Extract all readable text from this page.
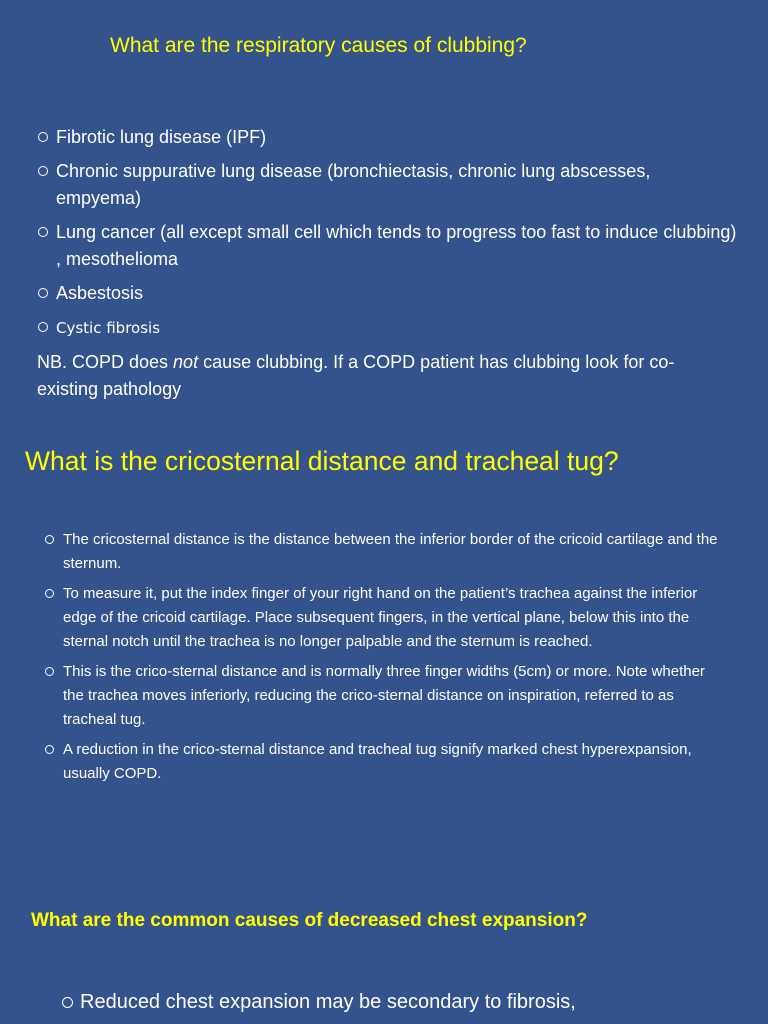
What are the respiratory causes of clubbing?
Fibrotic lung disease (IPF)
Chronic suppurative lung disease (bronchiectasis, chronic lung abscesses, empyema)
Lung cancer (all except small cell which tends to progress too fast to induce clubbing) , mesothelioma
Asbestosis
Cystic fibrosis

NB. COPD does not cause clubbing. If a COPD patient has clubbing look for co-existing pathology

What is the cricosternal distance and tracheal tug?
The cricosternal distance is the distance between the inferior border of the cricoid cartilage and the sternum.
To measure it, put the index finger of your right hand on the patient’s trachea against the inferior edge of the cricoid cartilage. Place subsequent fingers, in the vertical plane, below this into the sternal notch until the trachea is no longer palpable and the sternum is reached.
This is the crico-sternal distance and is normally three finger widths (5cm) or more. Note whether the trachea moves inferiorly, reducing the crico-sternal distance on inspiration, referred to as tracheal tug.
A reduction in the crico-sternal distance and tracheal tug signify marked chest hyperexpansion, usually COPD.
What are the common causes of decreased chest expansion?
Reduced chest expansion may be secondary to fibrosis,
